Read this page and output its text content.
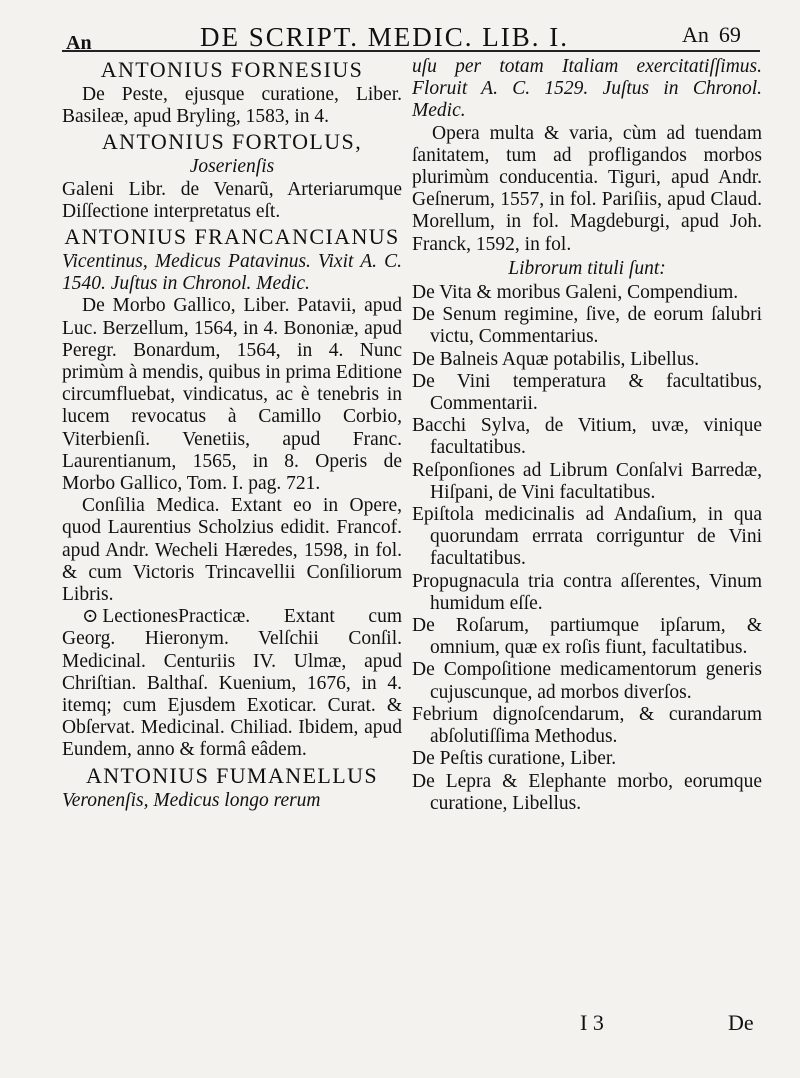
An	DE SCRIPT. MEDIC. LIB. I.	An 69
ANTONIUS FORNESIUS
De Peste, ejusque curatione, Liber. Basileæ, apud Bryling, 1583, in 4.
ANTONIUS FORTOLUS,
Joserienſis
Galeni Libr. de Venarũ, Arteriarumque Diſſectione interpretatus eſt.
ANTONIUS FRANCANCIANUS
Vicentinus, Medicus Patavinus. Vixit A. C. 1540. Juſtus in Chronol. Medic.
De Morbo Gallico, Liber. Patavii, apud Luc. Berzellum, 1564, in 4. Bononiæ, apud Peregr. Bonardum, 1564, in 4. Nunc primùm à mendis, quibus in prima Editione circumfluebat, vindicatus, ac è tenebris in lucem revocatus à Camillo Corbio, Viterbienſi. Venetiis, apud Franc. Laurentianum, 1565, in 8. Operis de Morbo Gallico, Tom. I. pag. 721.
Conſilia Medica. Extant eo in Opere, quod Laurentius Scholzius edidit. Francof. apud Andr. Wecheli Hæredes, 1598, in fol. & cum Victoris Trincavellii Conſiliorum Libris.
⊙ LectionesPracticæ. Extant cum Georg. Hieronym. Velſchii Conſil. Medicinal. Centuriis IV. Ulmæ, apud Chriſtian. Balthaſ. Kuenium, 1676, in 4. itemq; cum Ejusdem Exoticar. Curat. & Obſervat. Medicinal. Chiliad. Ibidem, apud Eundem, anno & formâ eâdem.
ANTONIUS FUMANELLUS
Veronenſis, Medicus longo rerum
uſu per totam Italiam exercitatiſſimus. Floruit A. C. 1529. Juſtus in Chronol. Medic.
Opera multa & varia, cùm ad tuendam ſanitatem, tum ad profligandos morbos plurimùm conducentia. Tiguri, apud Andr. Geſnerum, 1557, in fol. Pariſiis, apud Claud. Morellum, in fol. Magdeburgi, apud Joh. Franck, 1592, in fol.
Librorum tituli ſunt:
De Vita & moribus Galeni, Compendium.
De Senum regimine, ſive, de eorum ſalubri victu, Commentarius.
De Balneis Aquæ potabilis, Libellus.
De Vini temperatura & facultatibus, Commentarii.
Bacchi Sylva, de Vitium, uvæ, vinique facultatibus.
Reſponſiones ad Librum Conſalvi Barredæ, Hiſpani, de Vini facultatibus.
Epiſtola medicinalis ad Andaſium, in qua quorundam errrata corriguntur de Vini facultatibus.
Propugnacula tria contra aſſerentes, Vinum humidum eſſe.
De Roſarum, partiumque ipſarum, & omnium, quæ ex roſis fiunt, facultatibus.
De Compoſitione medicamentorum generis cujuscunque, ad morbos diverſos.
Febrium dignoſcendarum, & curandarum abſolutiſſima Methodus.
De Peſtis curatione, Liber.
De Lepra & Elephante morbo, eorumque curatione, Libellus.
I 3	De
